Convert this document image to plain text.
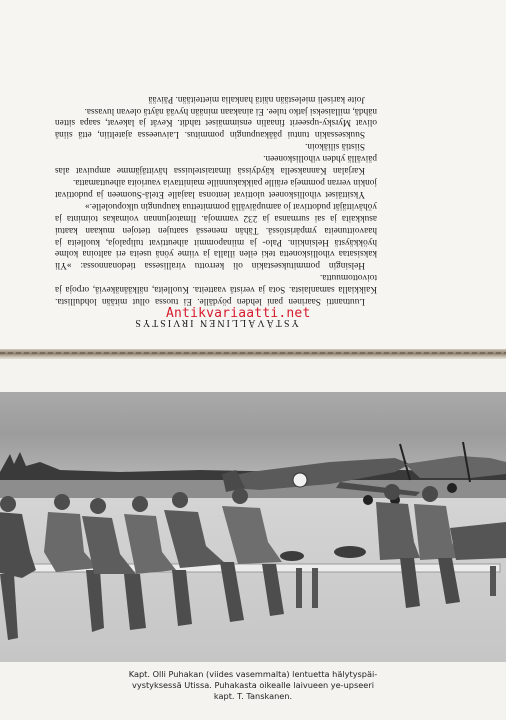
YSTÄVÄLLINEN IRVISTYS

Luutnantti Saarinen pani lehden pöydälle. Ei tuossa ollut mitään lohdullista. Kaikkialla samanlaista. Sota ja veristä vaatteita. Kuolleita, nälkäänäkeviä, orpoja ja toivottomuutta.

Helsingin pommituksestakin oli kerrottu virallisessa tiedonannossa: »Yli kaksisataa viholliskonetta teki eilen illalla ja viime yönä useita eri aaltoina kolme hyökkäystä Helsinkiin. Palo- ja miinapommit aiheuttivat tulipaloja, kuolleita ja haavoittuneita ympäristössä. Tähän menessä saatujen tietojen mukaan kaatui asukkaita ja sai surmansa ja 232 vammoja. Ilmatorjunnan voimakas toiminta ja yöhävittäjät pudottivat jo aamupäivällä pommitettua kaupungin ulkopuolelle.»

Yksittäiset viholliskoneet ulottivat lentonsa laajalle Etelä-Suomeen ja pudottivat jonkin verran pommeja eräille paikkakunnille mainittavia vaurioita aiheuttamatta.

Karjalan Kannaksella käydyissä ilmataisteluissa hävittäjämme ampuivat alas päivällä yhden viholliskoneen.

Siistiä siliäkoin.

Suuksessakin tuntui pääkaupungin pommitus. Laivueessa ajateltiin, että siinä olivat Myrsky-upseerit finaalin ensimmäiset tahdit. Kevät ja lakevat, saapa sitten nähdä, millaiseksi jatko tulee. Ei ainakaan minään hyvää näytä olevan luvassa.

Joite kariseli mielestään näitä hankalia mietteitään. Päivää

Antikvariaatti.net
Kapt. Olli Puhakan (viides vasemmalta) lentuetta hälytyspäi-
vystyksessä Utissa. Puhakasta oikealle laivueen ye-upseeri
kapt. T. Tanskanen.
